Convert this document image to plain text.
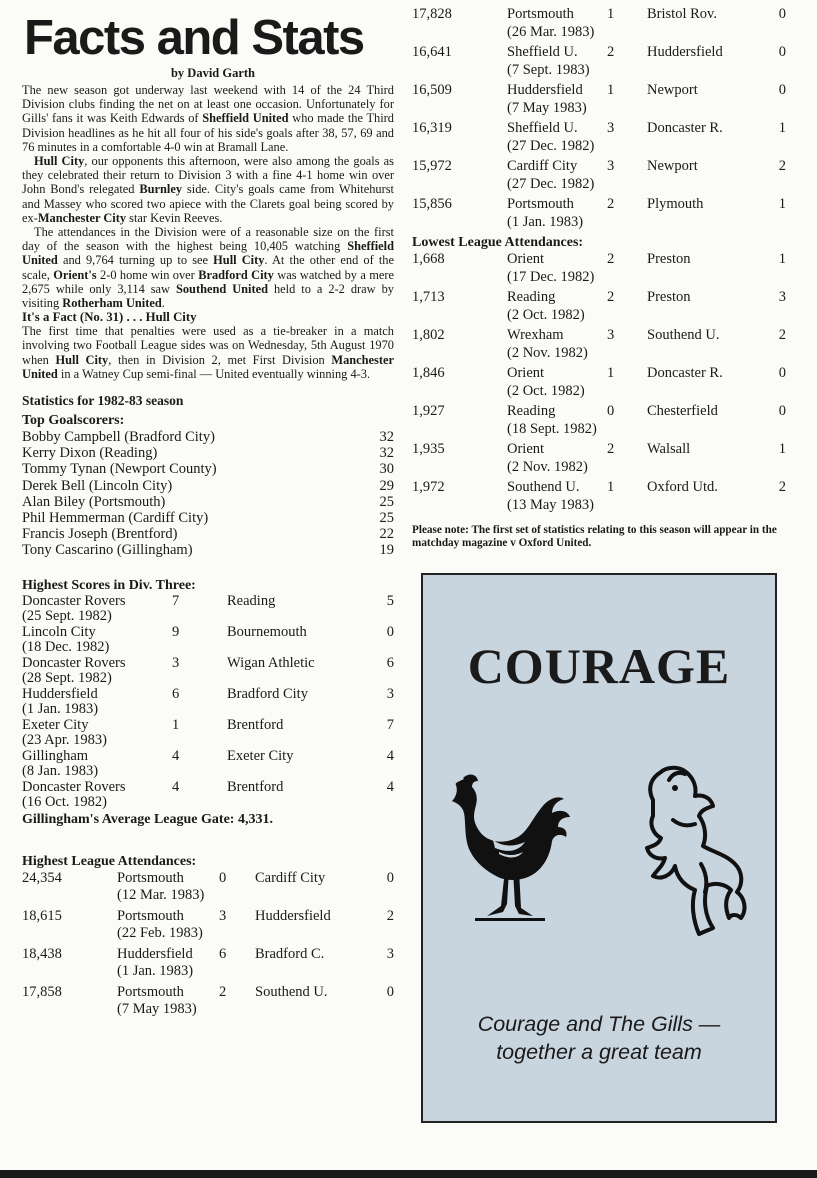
Facts and Stats
by David Garth

The new season got underway last weekend with 14 of the 24 Third Division clubs finding the net on at least one occasion. Unfortunately for Gills' fans it was Keith Edwards of Sheffield United who made the Third Division headlines as he hit all four of his side's goals after 38, 57, 69 and 76 minutes in a comfortable 4-0 win at Bramall Lane.

Hull City, our opponents this afternoon, were also among the goals as they celebrated their return to Division 3 with a fine 4-1 home win over John Bond's relegated Burnley side. City's goals came from Whitehurst and Massey who scored two apiece with the Clarets goal being scored by ex-Manchester City star Kevin Reeves.

The attendances in the Division were of a reasonable size on the first day of the season with the highest being 10,405 watching Sheffield United and 9,764 turning up to see Hull City. At the other end of the scale, Orient's 2-0 home win over Bradford City was watched by a mere 2,675 while only 3,114 saw Southend United held to a 2-2 draw by visiting Rotherham United.

It's a Fact (No. 31) . . . Hull City

The first time that penalties were used as a tie-breaker in a match involving two Football League sides was on Wednesday, 5th August 1970 when Hull City, then in Division 2, met First Division Manchester United in a Watney Cup semi-final — United eventually winning 4-3.

Statistics for 1982-83 season
Top Goalscorers:
Bobby Campbell (Bradford City)	32
Kerry Dixon (Reading)	32
Tommy Tynan (Newport County)	30
Derek Bell (Lincoln City)	29
Alan Biley (Portsmouth)	25
Phil Hemmerman (Cardiff City)	25
Francis Joseph (Brentford)	22
Tony Cascarino (Gillingham)	19
Highest Scores in Div. Three:
Doncaster Rovers	7	Reading	5
(25 Sept. 1982)
Lincoln City	9	Bournemouth	0
(18 Dec. 1982)
Doncaster Rovers	3	Wigan Athletic	6
(28 Sept. 1982)
Huddersfield	6	Bradford City	3
(1 Jan. 1983)
Exeter City	1	Brentford	7
(23 Apr. 1983)
Gillingham	4	Exeter City	4
(8 Jan. 1983)
Doncaster Rovers	4	Brentford	4
(16 Oct. 1982)
Gillingham's Average League Gate: 4,331.
Highest League Attendances:
24,354	Portsmouth	0	Cardiff City	0
(12 Mar. 1983)
18,615	Portsmouth	3	Huddersfield	2
(22 Feb. 1983)
18,438	Huddersfield	6	Bradford C.	3
(1 Jan. 1983)
17,858	Portsmouth	2	Southend U.	0
(7 May 1983)
17,828	Portsmouth	1	Bristol Rov.	0
(26 Mar. 1983)
16,641	Sheffield U.	2	Huddersfield	0
(7 Sept. 1983)
16,509	Huddersfield	1	Newport	0
(7 May 1983)
16,319	Sheffield U.	3	Doncaster R.	1
(27 Dec. 1982)
15,972	Cardiff City	3	Newport	2
(27 Dec. 1982)
15,856	Portsmouth	2	Plymouth	1
(1 Jan. 1983)
Lowest League Attendances:
1,668	Orient	2	Preston	1
(17 Dec. 1982)
1,713	Reading	2	Preston	3
(2 Oct. 1982)
1,802	Wrexham	3	Southend U.	2
(2 Nov. 1982)
1,846	Orient	1	Doncaster R.	0
(2 Oct. 1982)
1,927	Reading	0	Chesterfield	0
(18 Sept. 1982)
1,935	Orient	2	Walsall	1
(2 Nov. 1982)
1,972	Southend U.	1	Oxford Utd.	2
(13 May 1983)
Please note: The first set of statistics relating to this season will appear in the matchday magazine v Oxford United.
COURAGE
Courage and The Gills —
together a great team
